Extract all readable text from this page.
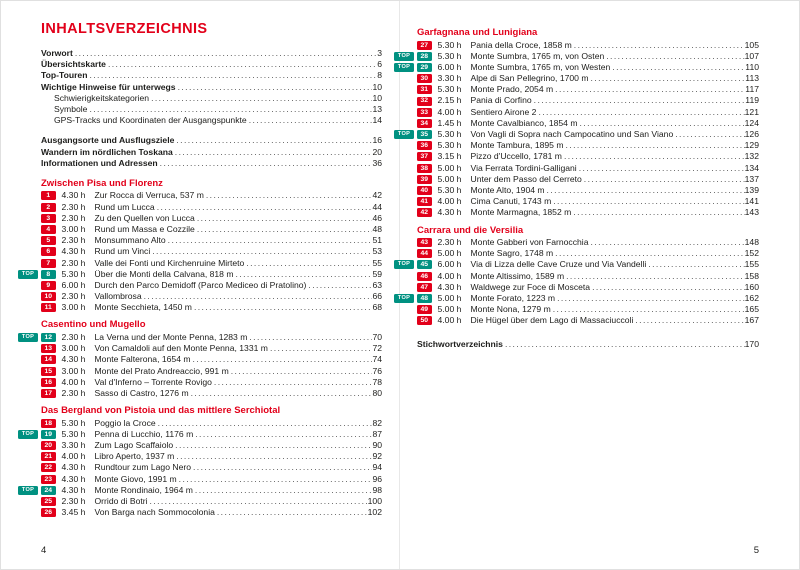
INHALTSVERZEICHNIS
Vorwort .....	3
Übersichtskarte .....	6
Top-Touren .....	8
Wichtige Hinweise für unterwegs .....	10
Schwierigkeitskategorien .....	10
Symbole .....	13
GPS-Tracks und Koordinaten der Ausgangspunkte .....	14
Ausgangsorte und Ausflugsziele .....	16
Wandern im nördlichen Toskana .....	20
Informationen und Adressen .....	36
Zwischen Pisa und Florenz
1	4.30 h	Zur Rocca di Verruca, 537 m .....	42
2	2.30 h	Rund um Lucca .....	44
3	2.30 h	Zu den Quellen von Lucca .....	46
4	3.00 h	Rund um Massa e Cozzile .....	48
5	2.30 h	Monsummano Alto .....	51
6	4.30 h	Rund um Vinci .....	53
7	2.30 h	Valle dei Fonti und Kirchenruine Mirteto .....	55
TOP	8	5.30 h	Über die Monti della Calvana, 818 m .....	59
9	6.00 h	Durch den Parco Demidoff (Parco Mediceo di Pratolino) .....	63
10	2.30 h	Vallombrosa .....	66
11	3.00 h	Monte Secchieta, 1450 m .....	68
Casentino und Mugello
TOP	12	2.30 h	La Verna und der Monte Penna, 1283 m .....	70
13	3.00 h	Von Camaldoli auf den Monte Penna, 1331 m .....	72
14	4.30 h	Monte Falterona, 1654 m .....	74
15	3.00 h	Monte del Prato Andreaccio, 991 m .....	76
16	4.00 h	Val d'Inferno – Torrente Rovigo .....	78
17	2.30 h	Sasso di Castro, 1276 m .....	80
Das Bergland von Pistoia und das mittlere Serchiotal
18	5.30 h	Poggio la Croce .....	82
TOP	19	5.30 h	Penna di Lucchio, 1176 m .....	87
20	3.30 h	Zum Lago Scaffaiolo .....	90
21	4.00 h	Libro Aperto, 1937 m .....	92
22	4.30 h	Rundtour zum Lago Nero .....	94
23	4.30 h	Monte Giovo, 1991 m .....	96
TOP	24	4.30 h	Monte Rondinaio, 1964 m .....	98
25	2.30 h	Orrido di Botri .....	100
26	3.45 h	Von Barga nach Sommocolonia .....	102
4
Garfagnana und Lunigiana
27	5.30 h	Pania della Croce, 1858 m .....	105
TOP	28	5.30 h	Monte Sumbra, 1765 m, von Osten .....	107
TOP	29	6.00 h	Monte Sumbra, 1765 m, von Westen .....	110
30	3.30 h	Alpe di San Pellegrino, 1700 m .....	113
31	5.30 h	Monte Prado, 2054 m .....	117
32	2.15 h	Pania di Corfino .....	119
33	4.00 h	Sentiero Airone 2 .....	121
34	1.45 h	Monte Cavalbianco, 1854 m .....	124
TOP	35	5.30 h	Von Vagli di Sopra nach Campocatino und San Viano .....	126
36	5.30 h	Monte Tambura, 1895 m .....	129
37	3.15 h	Pizzo d'Uccello, 1781 m .....	132
38	5.00 h	Via Ferrata Tordini-Galligani .....	134
39	5.00 h	Unter dem Passo del Cerreto .....	137
40	5.30 h	Monte Alto, 1904 m .....	139
41	4.00 h	Cima Canuti, 1743 m .....	141
42	4.30 h	Monte Marmagna, 1852 m .....	143
Carrara und die Versilia
43	2.30 h	Monte Gabberi von Farnocchia .....	148
44	5.00 h	Monte Sagro, 1748 m .....	152
TOP	45	6.00 h	Via di Lizza delle Cave Cruze und Via Vandelli .....	155
46	4.00 h	Monte Altissimo, 1589 m .....	158
47	4.30 h	Waldwege zur Foce di Mosceta .....	160
TOP	48	5.00 h	Monte Forato, 1223 m .....	162
49	5.00 h	Monte Nona, 1279 m .....	165
50	4.00 h	Die Hügel über dem Lago di Massaciuccoli .....	167
Stichwortverzeichnis .....	170
5
